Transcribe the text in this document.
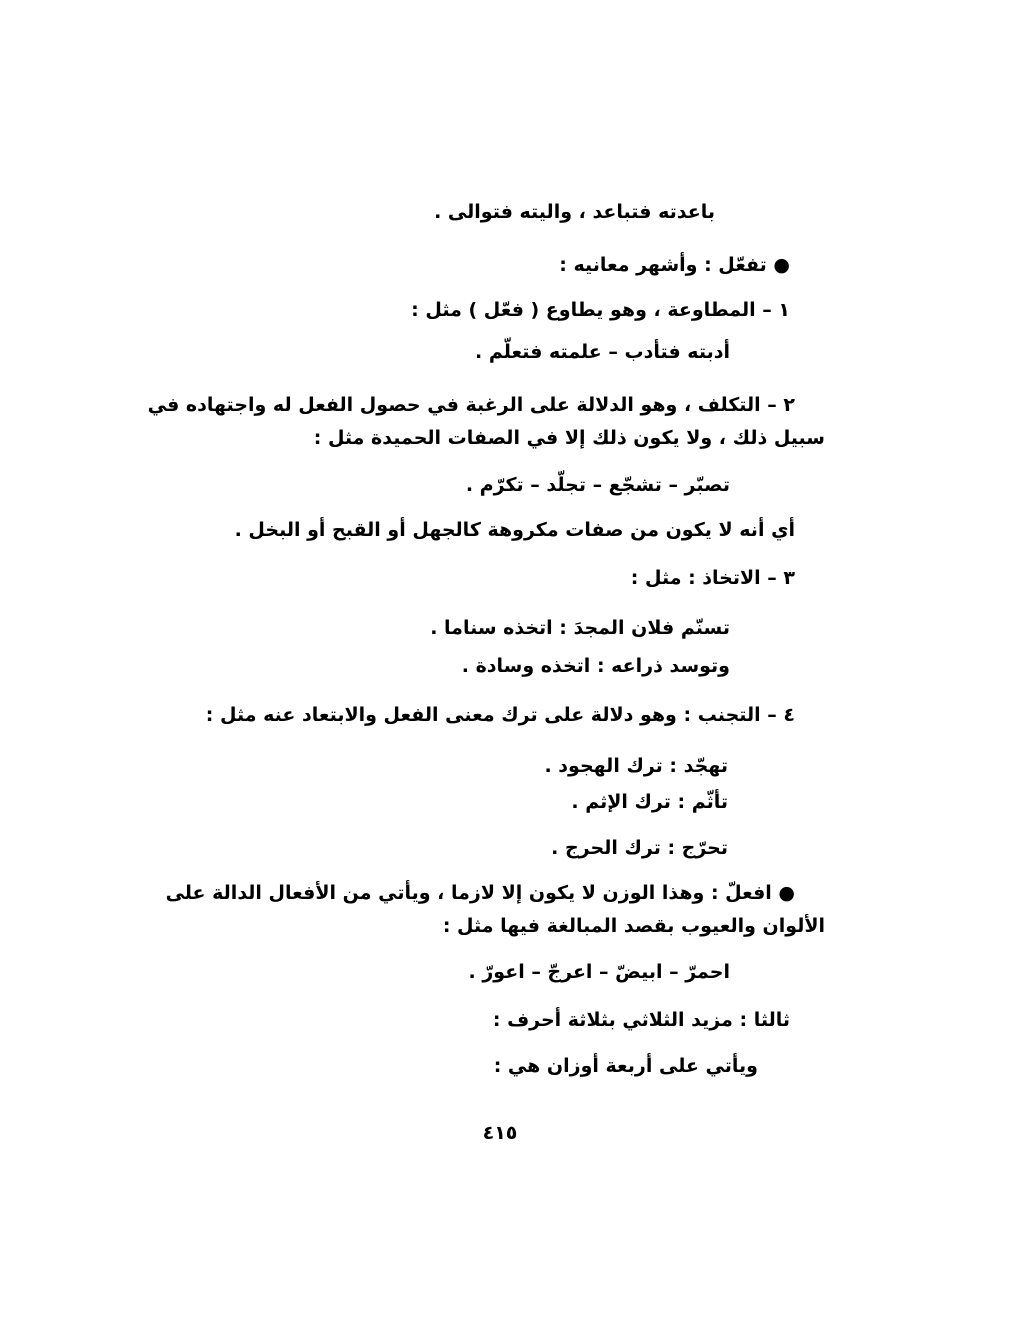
باعدته فتباعد ، واليته فتوالى .
● تفعّل : وأشهر معانيه :
١ – المطاوعة ، وهو يطاوع ( فعّل ) مثل :
أدبته فتأدب – علمته فتعلّم .
٢ – التكلف ، وهو الدلالة على الرغبة في حصول الفعل له واجتهاده في
سبيل ذلك ، ولا يكون ذلك إلا في الصفات الحميدة مثل :
تصبّر – تشجّع – تجلّد – تكرّم .
أي أنه لا يكون من صفات مكروهة كالجهل أو القبح أو البخل .
٣ – الاتخاذ : مثل :
تسنّم فلان المجدَ : اتخذه سناما .
وتوسد ذراعه : اتخذه وسادة .
٤ – التجنب : وهو دلالة على ترك معنى الفعل والابتعاد عنه مثل :
تهجّد : ترك الهجود .
تأثّم : ترك الإثم .
تحرّج : ترك الحرج .
● افعلّ : وهذا الوزن لا يكون إلا لازما ، ويأتي من الأفعال الدالة على
الألوان والعيوب بقصد المبالغة فيها مثل :
احمرّ – ابيضّ – اعرجّ – اعورّ .
ثالثا : مزيد الثلاثي بثلاثة أحرف :
ويأتي على أربعة أوزان هي :
٤١٥
